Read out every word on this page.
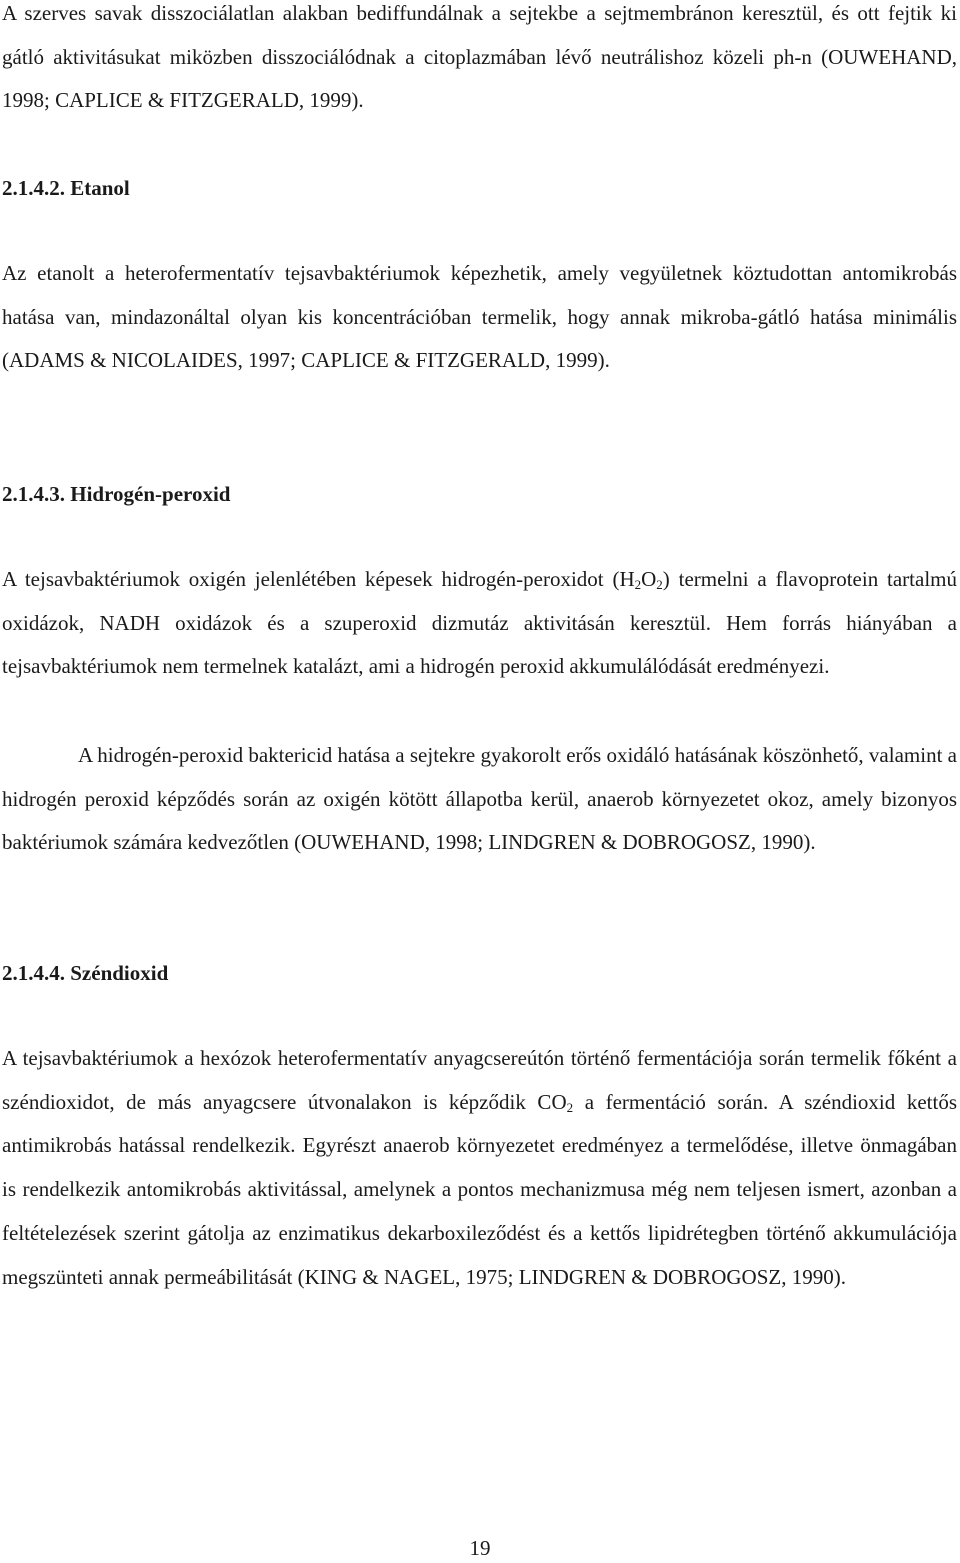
A szerves savak disszociálatlan alakban bediffundálnak a sejtekbe a sejtmembránon keresztül, és ott fejtik ki gátló aktivitásukat miközben disszociálódnak a citoplazmában lévő neutrálishoz közeli ph-n (OUWEHAND, 1998; CAPLICE & FITZGERALD, 1999).

2.1.4.2. Etanol

Az etanolt a heterofermentatív tejsavbaktériumok képezhetik, amely vegyületnek köztudottan antomikrobás hatása van, mindazonáltal olyan kis koncentrációban termelik, hogy annak mikroba-gátló hatása minimális (ADAMS & NICOLAIDES, 1997; CAPLICE & FITZGERALD, 1999).

2.1.4.3. Hidrogén-peroxid

A tejsavbaktériumok oxigén jelenlétében képesek hidrogén-peroxidot $(H_2O_2)$ termelni a flavoprotein tartalmú oxidázok, NADH oxidázok és a szuperoxid dizmutáz aktivitásán keresztül. Hem forrás hiányában a tejsavbaktériumok nem termelnek katalázt, ami a hidrogén peroxid akkumulálódását eredményezi.

A hidrogén-peroxid baktericid hatása a sejtekre gyakorolt erős oxidáló hatásának köszönhető, valamint a hidrogén peroxid képződés során az oxigén kötött állapotba kerül, anaerob környezetet okoz, amely bizonyos baktériumok számára kedvezőtlen (OUWEHAND, 1998; LINDGREN & DOBROGOSZ, 1990).

2.1.4.4. Széndioxid

A tejsavbaktériumok a hexózok heterofermentatív anyagcsereútón történő fermentációja során termelik főként a széndioxidot, de más anyagcsere útvonalakon is képződik $CO_2$ a fermentáció során. A széndioxid kettős antimikrobás hatással rendelkezik. Egyrészt anaerob környezetet eredményez a termelődése, illetve önmagában is rendelkezik antomikrobás aktivitással, amelynek a pontos mechanizmusa még nem teljesen ismert, azonban a feltételezések szerint gátolja az enzimatikus dekarboxileződést és a kettős lipidrétegben történő akkumulációja megszünteti annak permeábilitását (KING & NAGEL, 1975; LINDGREN & DOBROGOSZ, 1990).

19
